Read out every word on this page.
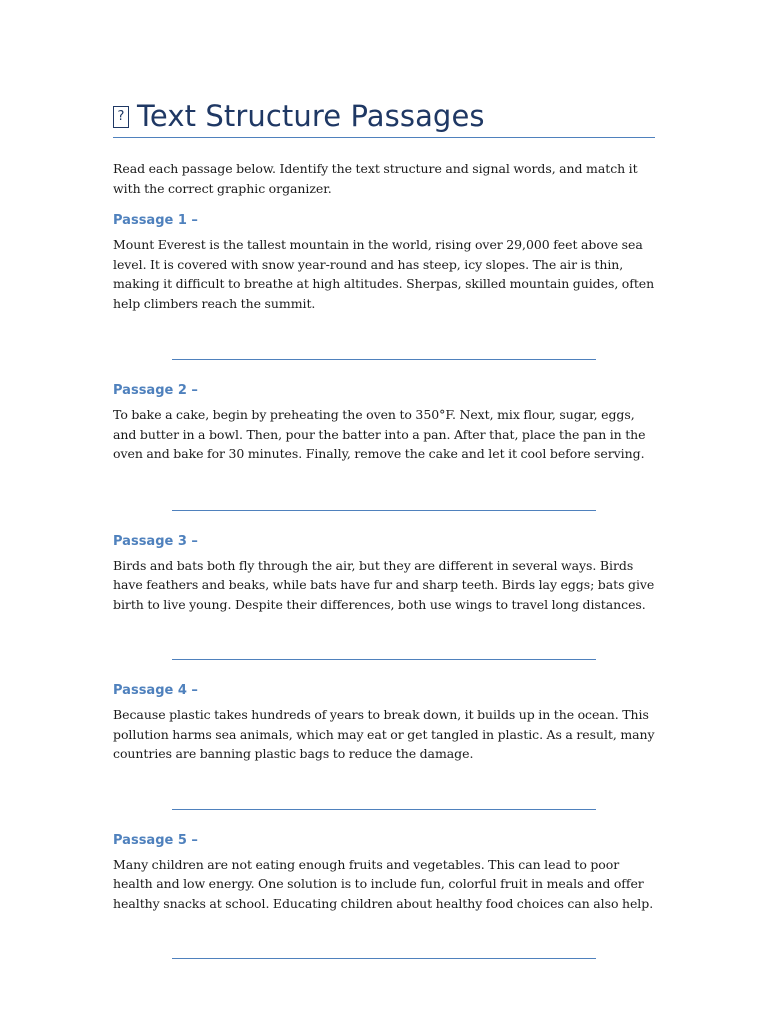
?
Text Structure Passages

Read each passage below. Identify the text structure and signal words, and match it with the correct graphic organizer.

Passage 1 –
Mount Everest is the tallest mountain in the world, rising over 29,000 feet above sea level. It is covered with snow year-round and has steep, icy slopes. The air is thin, making it difficult to breathe at high altitudes. Sherpas, skilled mountain guides, often help climbers reach the summit.
Passage 2 –
To bake a cake, begin by preheating the oven to 350°F. Next, mix flour, sugar, eggs, and butter in a bowl. Then, pour the batter into a pan. After that, place the pan in the oven and bake for 30 minutes. Finally, remove the cake and let it cool before serving.
Passage 3 –
Birds and bats both fly through the air, but they are different in several ways. Birds have feathers and beaks, while bats have fur and sharp teeth. Birds lay eggs; bats give birth to live young. Despite their differences, both use wings to travel long distances.
Passage 4 –
Because plastic takes hundreds of years to break down, it builds up in the ocean. This pollution harms sea animals, which may eat or get tangled in plastic. As a result, many countries are banning plastic bags to reduce the damage.
Passage 5 –
Many children are not eating enough fruits and vegetables. This can lead to poor health and low energy. One solution is to include fun, colorful fruit in meals and offer healthy snacks at school. Educating children about healthy food choices can also help.
